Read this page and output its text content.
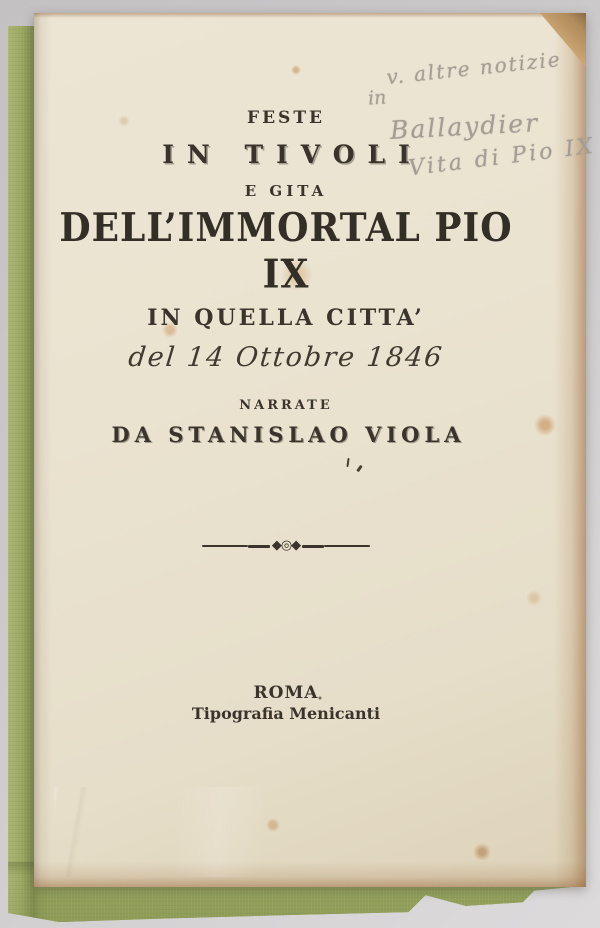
v. altre notizie
in
Ballaydier
Vita di Pio IX
FESTE
IN TIVOLI
E GITA
DELL’IMMORTAL PIO IX
IN QUELLA CITTA’
del 14 Ottobre 1846
NARRATE
DA STANISLAO VIOLA
◆◎◆
ROMA
Tipografia Menicanti
